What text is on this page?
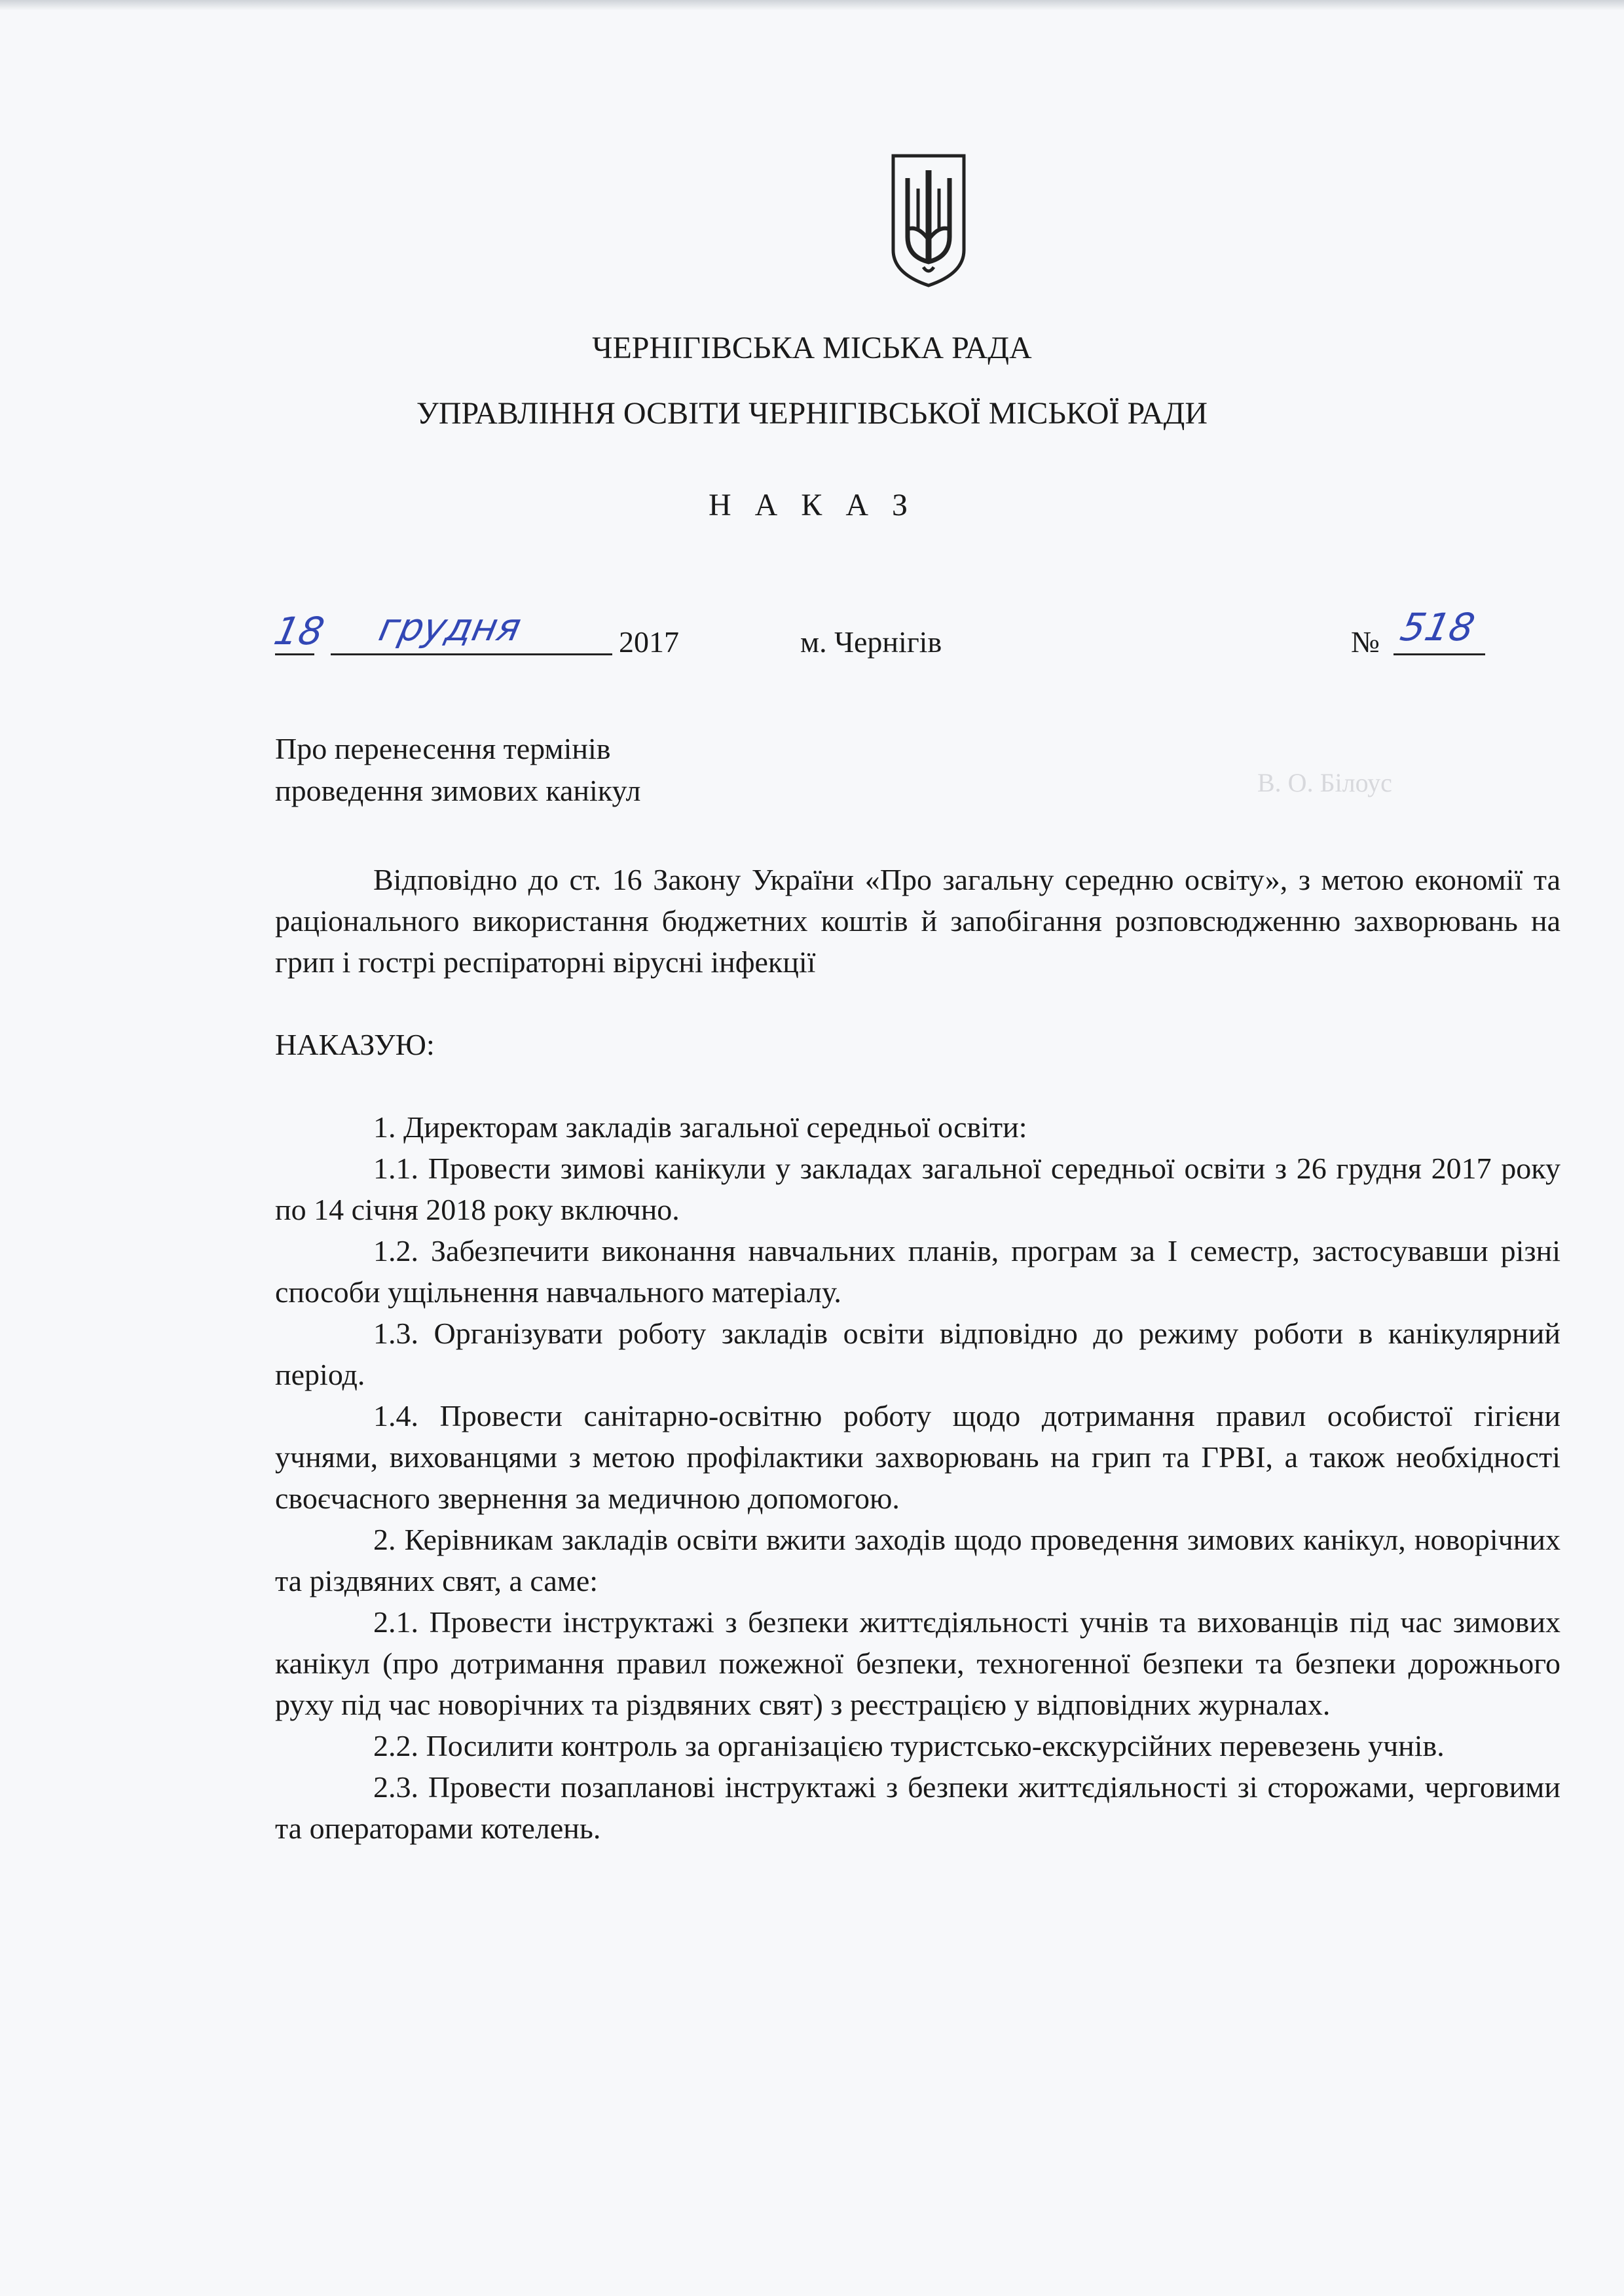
ЧЕРНІГІВСЬКА МІСЬКА РАДА
УПРАВЛІННЯ ОСВІТИ ЧЕРНІГІВСЬКОЇ МІСЬКОЇ РАДИ
Н А К А З
18 грудня	2017	м. Чернігів	№ 518
В. О. Білоус
Про перенесення термінів
проведення зимових канікул

Відповідно до ст. 16 Закону України «Про загальну середню освіту», з метою економії та раціонального використання бюджетних коштів й запобігання розповсюдженню захворювань на грип і гострі респіраторні вірусні інфекції

НАКАЗУЮ:

1. Директорам закладів загальної середньої освіти:

1.1. Провести зимові канікули у закладах загальної середньої освіти з 26 грудня 2017 року по 14 січня 2018 року включно.

1.2. Забезпечити виконання навчальних планів, програм за І семестр, застосувавши різні способи ущільнення навчального матеріалу.

1.3. Організувати роботу закладів освіти відповідно до режиму роботи в канікулярний період.

1.4. Провести санітарно-освітню роботу щодо дотримання правил особистої гігієни учнями, вихованцями з метою профілактики захворювань на грип та ГРВІ, а також необхідності своєчасного звернення за медичною допомогою.

2. Керівникам закладів освіти вжити заходів щодо проведення зимових канікул, новорічних та різдвяних свят, а саме:

2.1. Провести інструктажі з безпеки життєдіяльності учнів та вихованців під час зимових канікул (про дотримання правил пожежної безпеки, техногенної безпеки та безпеки дорожнього руху під час новорічних та різдвяних свят) з реєстрацією у відповідних журналах.

2.2. Посилити контроль за організацією туристсько-екскурсійних перевезень учнів.

2.3. Провести позапланові інструктажі з безпеки життєдіяльності зі сторожами, черговими та операторами котелень.
